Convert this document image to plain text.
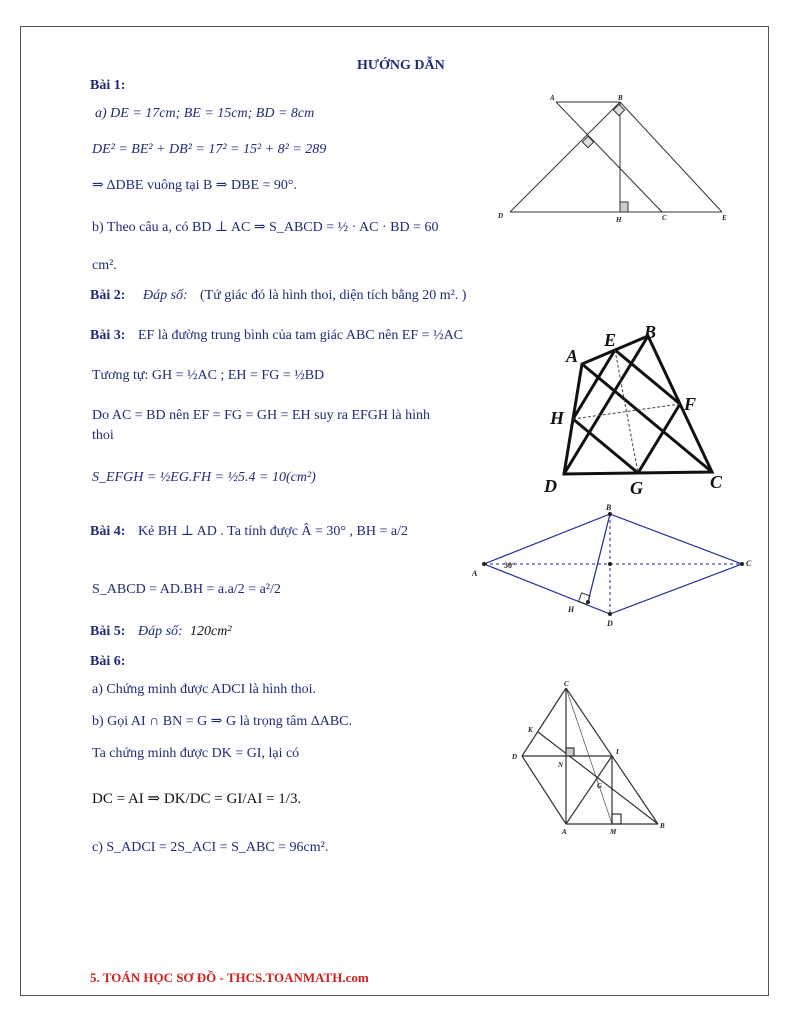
HƯỚNG DẪN
Bài 1:
a) DE = 17cm; BE = 15cm; BD = 8cm
DE² = BE² + DB² = 17² = 15² + 8² = 289
⇒ ΔDBE vuông tại B ⇒ DBE = 90°.
b) Theo câu a, có BD ⊥ AC ⇒ S_ABCD = ½ · AC · BD = 60
cm².
A	B
D	H	C	E
Bài 2: Đáp số: (Tứ giác đó là hình thoi, diện tích bằng 20 m². )
Bài 3: EF là đường trung bình của tam giác ABC nên EF = ½AC
Tương tự: GH = ½AC ; EH = FG = ½BD
Do AC = BD nên EF = FG = GH = EH suy ra EFGH là hình
thoi
S_EFGH = ½EG.FH = ½5.4 = 10(cm²)
A
E B
H
F
D	G	C
Bài 4: Kẻ BH ⊥ AD . Ta tính được Â = 30° , BH = a/2
S_ABCD = AD.BH = a.a/2 = a²/2
A
B
C
D
H
30°
Bài 5: Đáp số: 120cm²
Bài 6:
a) Chứng minh được ADCI là hình thoi.
b) Gọi AI ∩ BN = G ⇒ G là trọng tâm ΔABC.
Ta chứng minh được DK = GI, lại có
DC = AI ⇒ DK/DC = GI/AI = 1/3.
c) S_ADCI = 2S_ACI = S_ABC = 96cm².
C
K
D
N
I
G
A	M
B
5. TOÁN HỌC SƠ ĐỒ - THCS.TOANMATH.com
